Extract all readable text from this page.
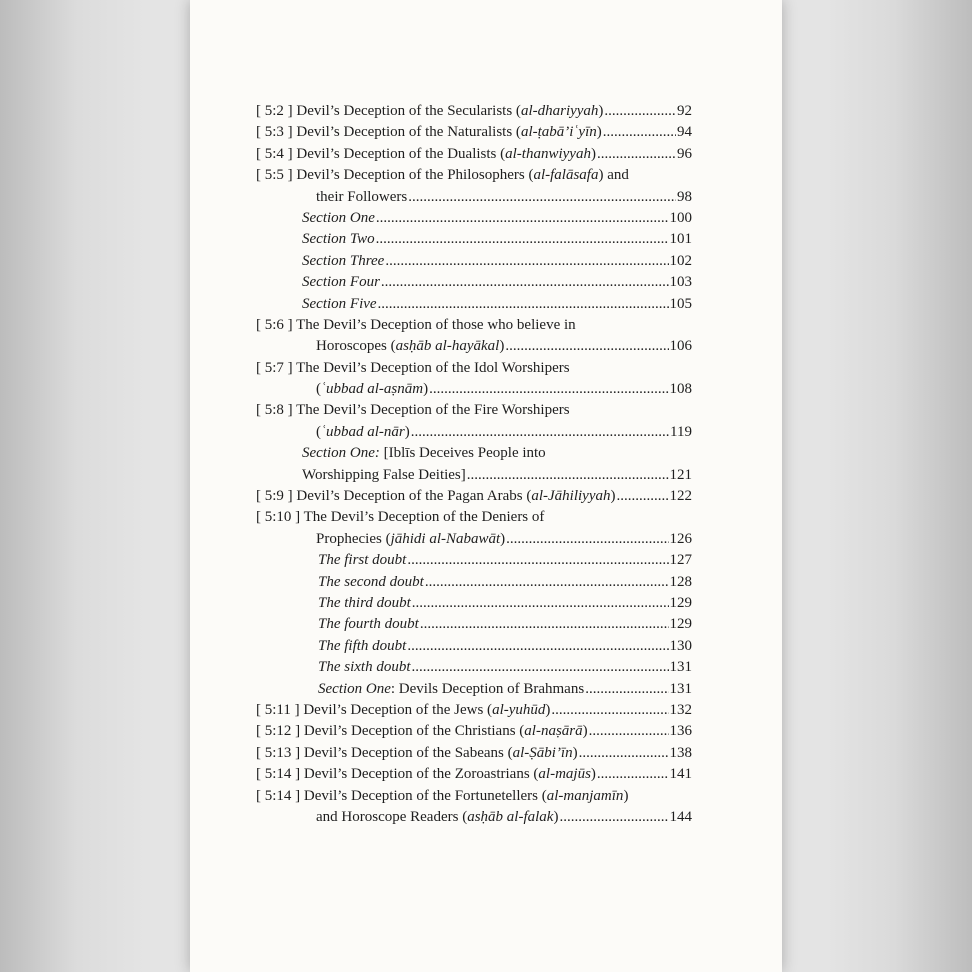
[ 5:2 ] Devil’s Deception of the Secularists (al-dhariyyah) .....	92
[ 5:3 ] Devil’s Deception of the Naturalists (al-ṭabā’iʿyīn) .....	94
[ 5:4 ] Devil’s Deception of the Dualists (al-thanwiyyah) .....	96
[ 5:5 ] Devil’s Deception of the Philosophers (al-falāsafa) and
their Followers .....	98
Section One .....	100
Section Two .....	101
Section Three .....	102
Section Four .....	103
Section Five .....	105
[ 5:6 ] The Devil’s Deception of those who believe in
Horoscopes (asḥāb al-hayākal) .....	106
[ 5:7 ] The Devil’s Deception of the Idol Worshipers
(ʿubbad al-aṣnām) .....	108
[ 5:8 ] The Devil’s Deception of the Fire Worshipers
(ʿubbad al-nār) .....	119
Section One: [Iblīs Deceives People into
Worshipping False Deities] .....	121
[ 5:9 ] Devil’s Deception of the Pagan Arabs (al-Jāhiliyyah) .....	122
[ 5:10 ] The Devil’s Deception of the Deniers of
Prophecies (jāhidi al-Nabawāt) .....	126
The first doubt .....	127
The second doubt .....	128
The third doubt .....	129
The fourth doubt .....	129
The fifth doubt .....	130
The sixth doubt .....	131
Section One: Devils Deception of Brahmans .....	131
[ 5:11 ] Devil’s Deception of the Jews (al-yuhūd) .....	132
[ 5:12 ] Devil’s Deception of the Christians (al-naṣārā) .....	136
[ 5:13 ] Devil’s Deception of the Sabeans (al-Ṣābi’īn) .....	138
[ 5:14 ] Devil’s Deception of the Zoroastrians (al-majūs) .....	141
[ 5:14 ] Devil’s Deception of the Fortunetellers (al-manjamīn)
and Horoscope Readers (asḥāb al-falak) .....	144
